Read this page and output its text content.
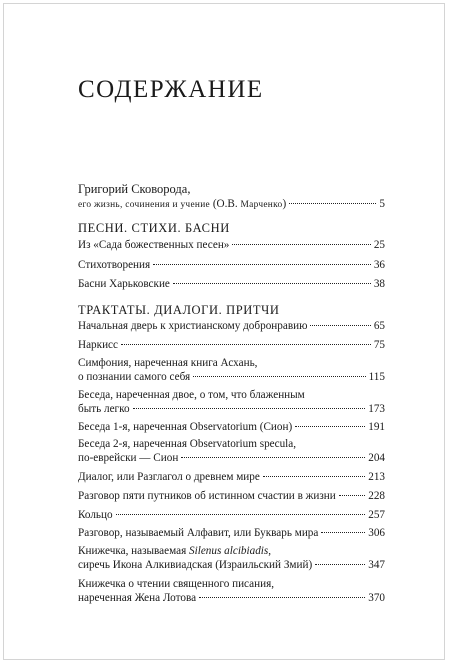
СОДЕРЖАНИЕ
Григорий Сковорода,
его жизнь, сочинения и учение (О.В. Марченко)	5
ПЕСНИ. СТИХИ. БАСНИ
Из «Сада божественных песен»	25
Стихотворения	36
Басни Харьковские	38
ТРАКТАТЫ. ДИАЛОГИ. ПРИТЧИ
Начальная дверь к христианскому добронравию	65
Наркисс	75
Симфония, нареченная книга Асхань,
о познании самого себя	115
Беседа, нареченная двое, о том, что блаженным
быть легко	173
Беседа 1-я, нареченная Observatorium (Сион)	191
Беседа 2-я, нареченная Observatorium specula,
по-еврейски — Сион	204
Диалог, или Разглагол о древнем мире	213
Разговор пяти путников об истинном счастии в жизни	228
Кольцо	257
Разговор, называемый Алфавит, или Букварь мира	306
Книжечка, называемая Silenus alcibiadis,
сиречь Икона Алкивиадская (Израильский Змий)	347
Книжечка о чтении священного писания,
нареченная Жена Лотова	370
